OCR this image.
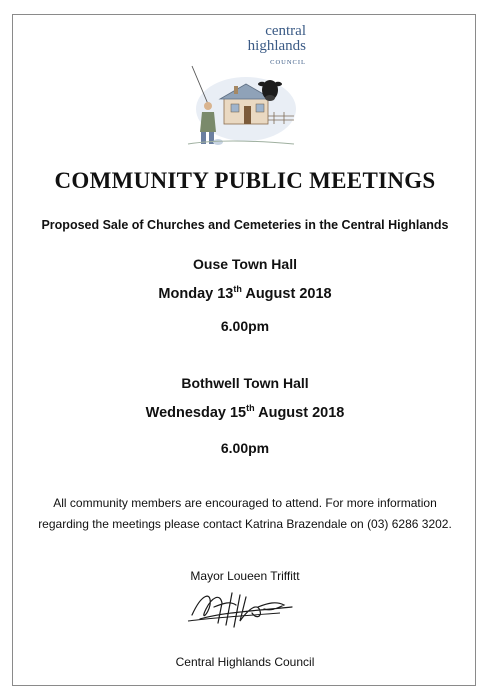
central
highlands
COUNCIL
COMMUNITY PUBLIC MEETINGS
Proposed Sale of Churches and Cemeteries in the Central Highlands
Ouse Town Hall
Monday 13th August 2018
6.00pm
Bothwell Town Hall
Wednesday 15th August 2018
6.00pm
All community members are encouraged to attend. For more information
regarding the meetings please contact Katrina Brazendale on (03) 6286 3202.
Mayor Loueen Triffitt
Central Highlands Council
